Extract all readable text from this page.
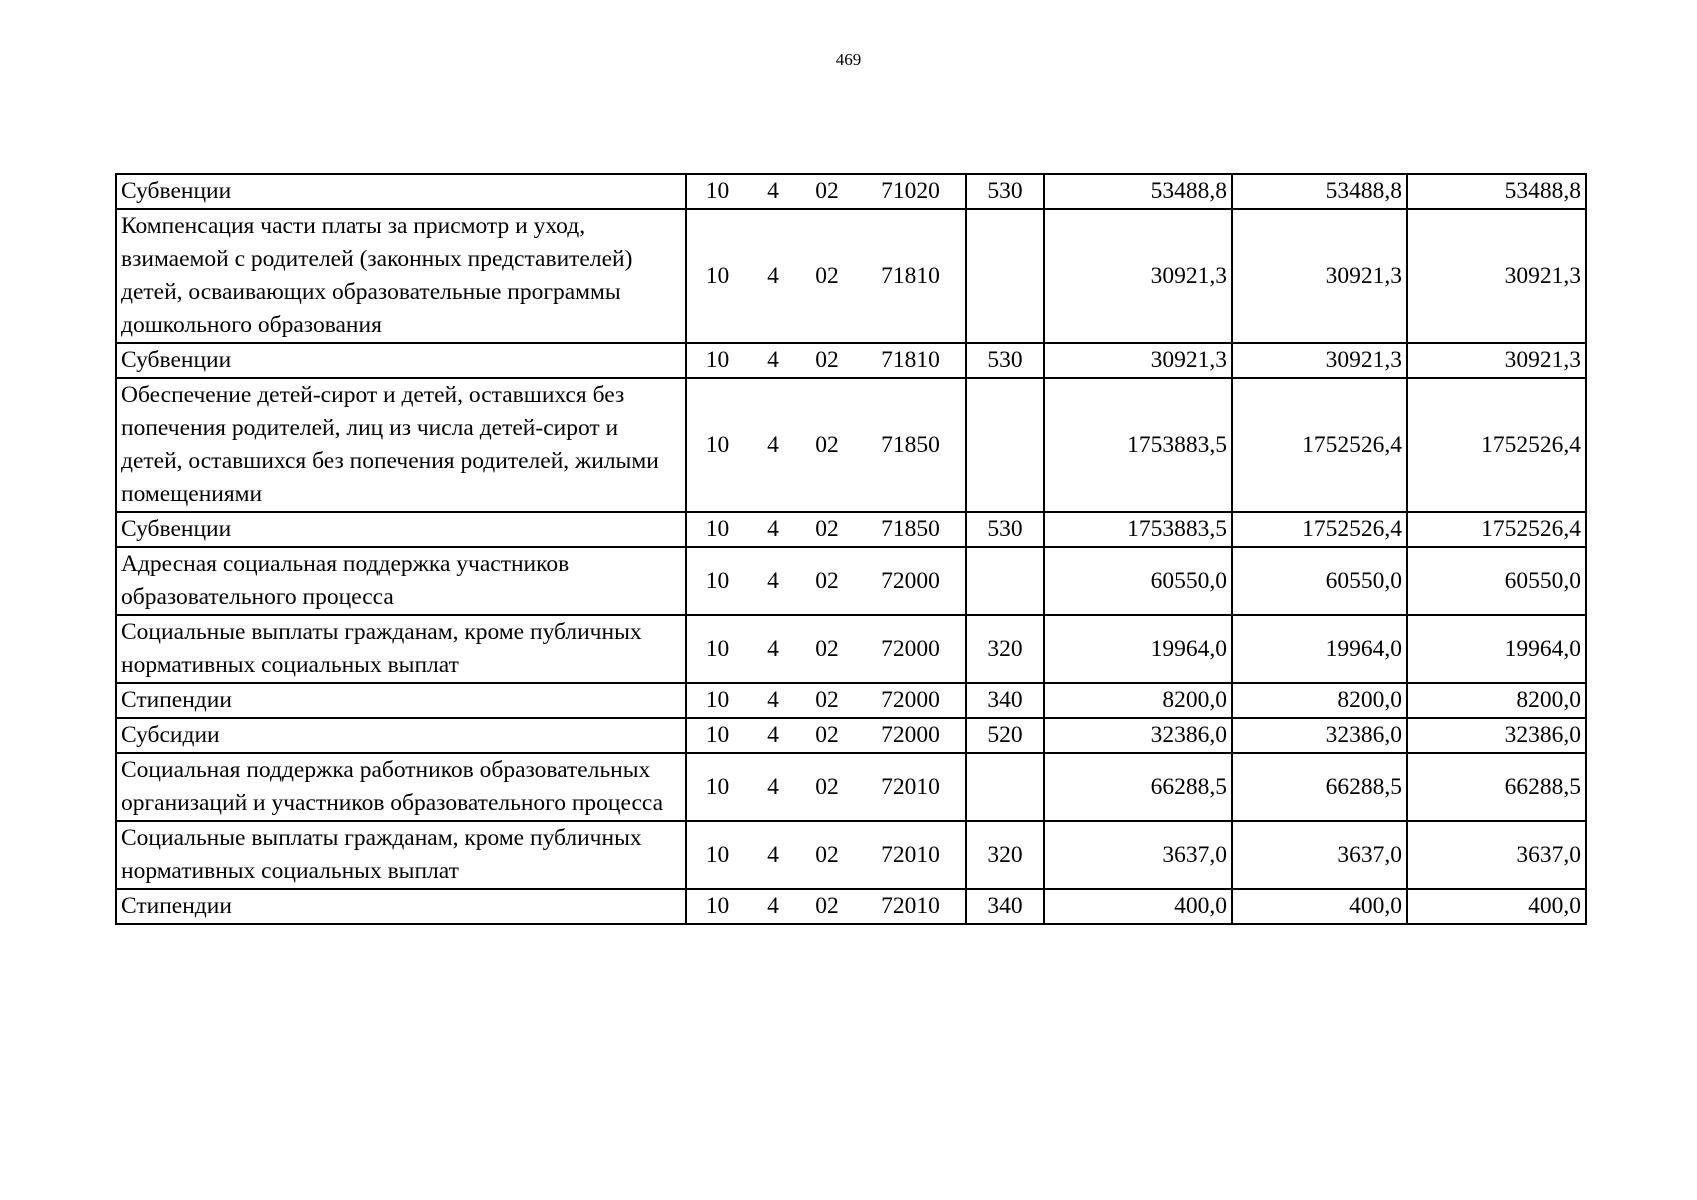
469
Субвенции	10	4	02	71020	530	53488,8	53488,8	53488,8
Компенсация части платы за присмотр и уход, взимаемой с родителей (законных представителей) детей, осваивающих образовательные программы дошкольного образования	10	4	02	71810		30921,3	30921,3	30921,3
Субвенции	10	4	02	71810	530	30921,3	30921,3	30921,3
Обеспечение детей-сирот и детей, оставшихся без попечения родителей, лиц из числа детей-сирот и детей, оставшихся без попечения родителей, жилыми помещениями	10	4	02	71850		1753883,5	1752526,4	1752526,4
Субвенции	10	4	02	71850	530	1753883,5	1752526,4	1752526,4
Адресная социальная поддержка участников образовательного процесса	10	4	02	72000		60550,0	60550,0	60550,0
Социальные выплаты гражданам, кроме публичных нормативных социальных выплат	10	4	02	72000	320	19964,0	19964,0	19964,0
Стипендии	10	4	02	72000	340	8200,0	8200,0	8200,0
Субсидии	10	4	02	72000	520	32386,0	32386,0	32386,0
Социальная поддержка работников образовательных организаций и участников образовательного процесса	10	4	02	72010		66288,5	66288,5	66288,5
Социальные выплаты гражданам, кроме публичных нормативных социальных выплат	10	4	02	72010	320	3637,0	3637,0	3637,0
Стипендии	10	4	02	72010	340	400,0	400,0	400,0
